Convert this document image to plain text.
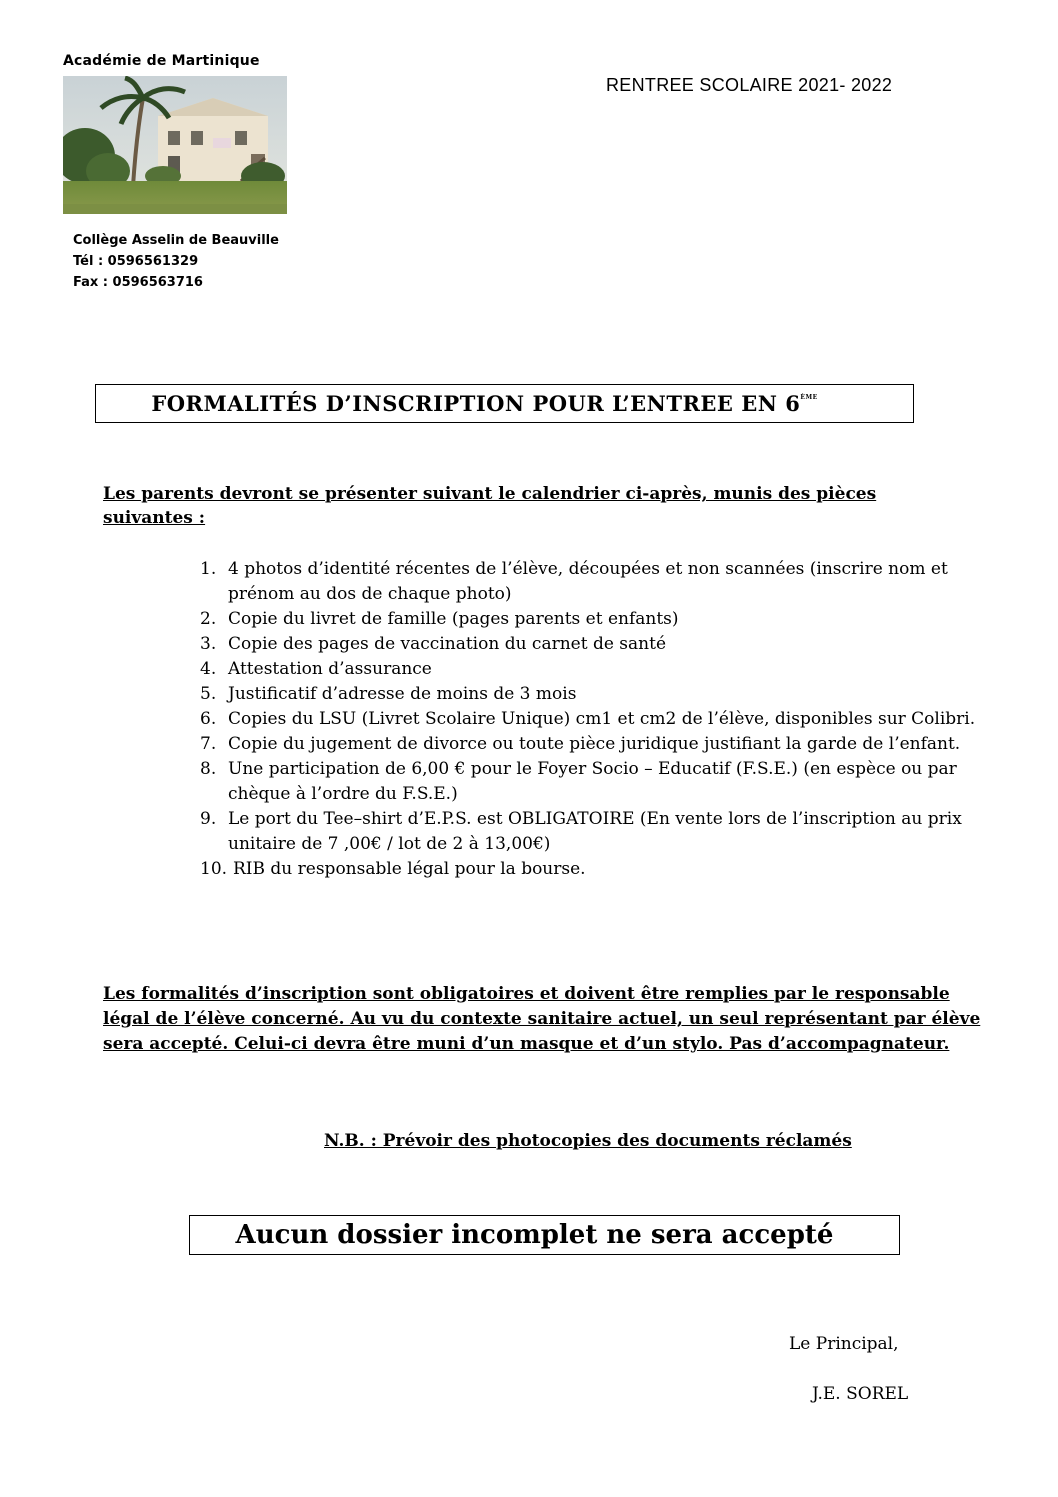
Académie de Martinique
RENTREE SCOLAIRE 2021- 2022
Collège Asselin de Beauville
Tél : 0596561329
Fax : 0596563716
FORMALITÉS D’INSCRIPTION POUR L’ENTREE EN 6ème
Les parents devront se présenter suivant le calendrier ci-après, munis des pièces suivantes :
1. 4 photos d’identité récentes de l’élève, découpées et non scannées (inscrire nom et prénom au dos de chaque photo)
2. Copie du livret de famille (pages parents et enfants)
3. Copie des pages de vaccination du carnet de santé
4. Attestation d’assurance
5. Justificatif d’adresse de moins de 3 mois
6. Copies du LSU (Livret Scolaire Unique) cm1 et cm2 de l’élève, disponibles sur Colibri.
7. Copie du jugement de divorce ou toute pièce juridique justifiant la garde de l’enfant.
8. Une participation de 6,00 € pour le Foyer Socio – Educatif (F.S.E.) (en espèce ou par chèque à l’ordre du F.S.E.)
9. Le port du Tee–shirt d’E.P.S. est OBLIGATOIRE (En vente lors de l’inscription au prix unitaire de 7 ,00€ / lot de 2 à 13,00€)
10. RIB du responsable légal pour la bourse.
Les formalités d’inscription sont obligatoires et doivent être remplies par le responsable légal de l’élève concerné. Au vu du contexte sanitaire actuel, un seul représentant par élève sera accepté. Celui-ci devra être muni d’un masque et d’un stylo. Pas d’accompagnateur.
N.B. : Prévoir des photocopies des documents réclamés
Aucun dossier incomplet ne sera accepté
Le Principal,
J.E. SOREL
